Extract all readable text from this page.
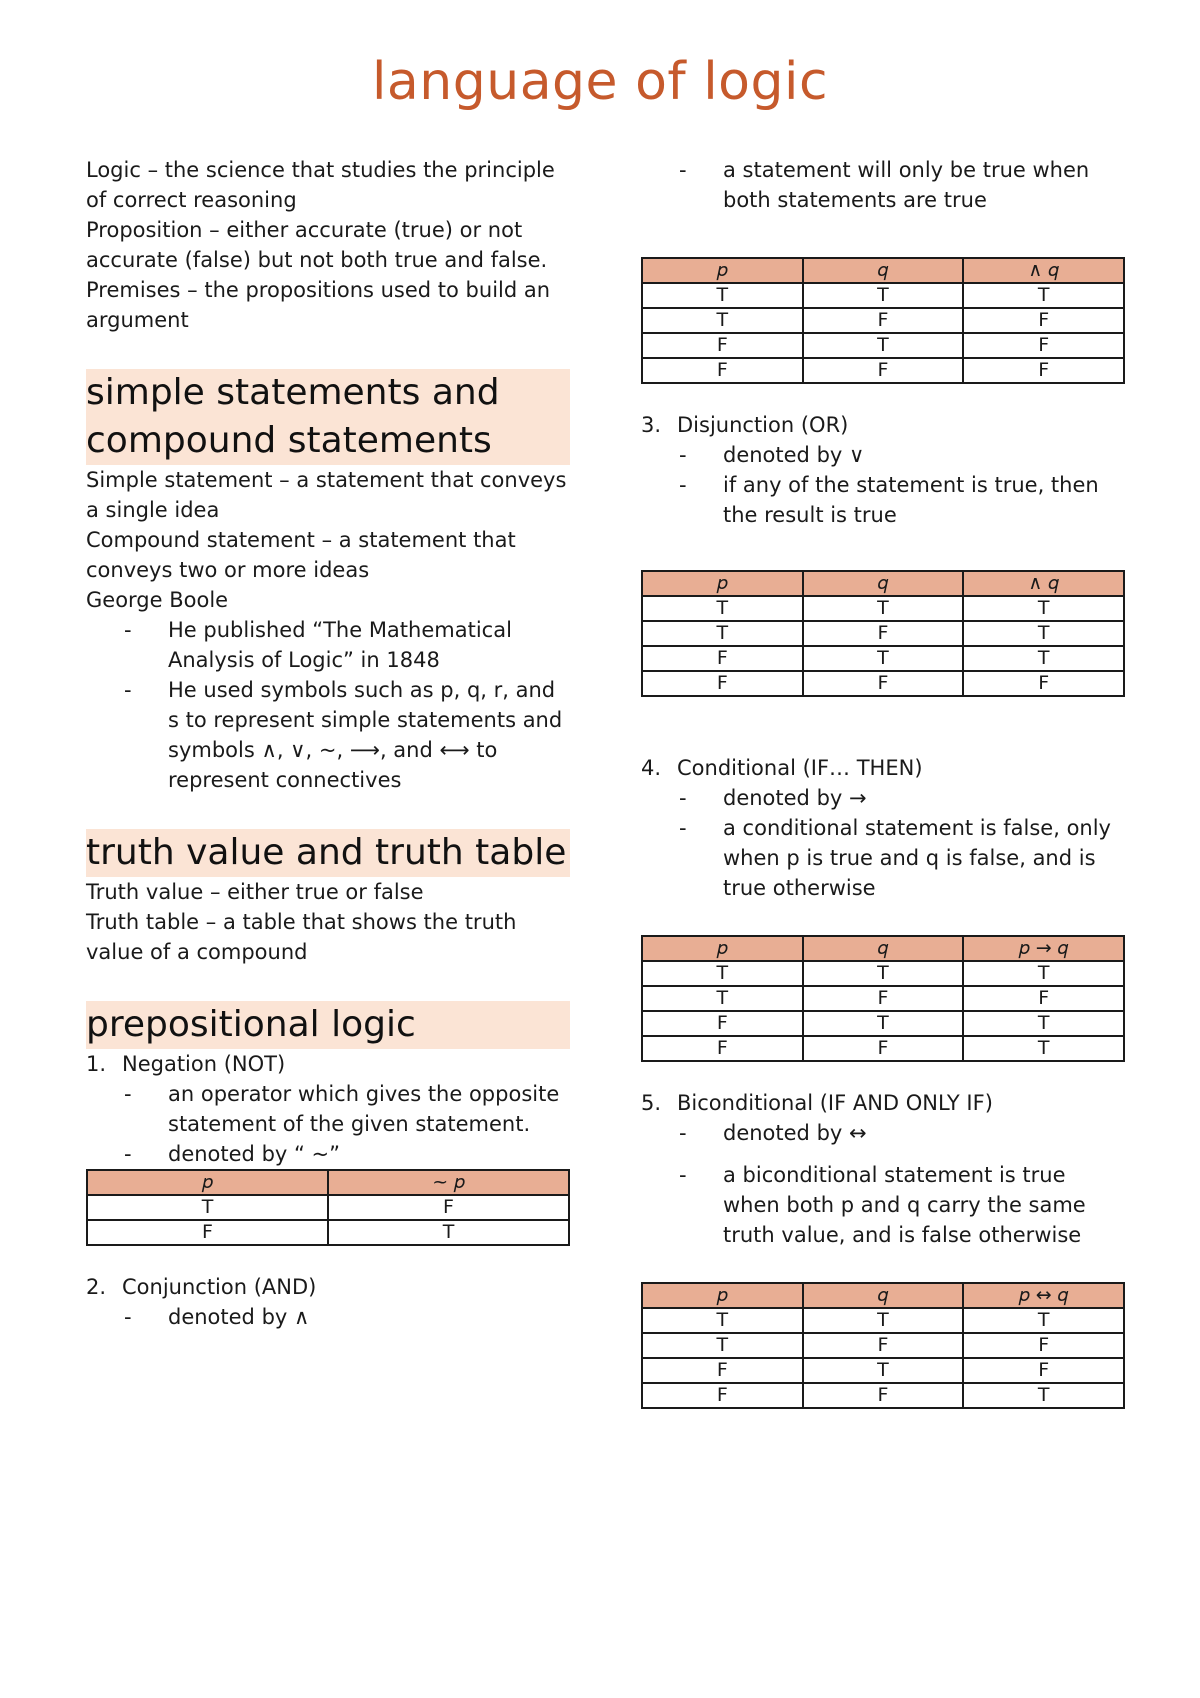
language of logic

Logic – the science that studies the principle of correct reasoning

Proposition – either accurate (true) or not accurate (false) but not both true and false.

Premises – the propositions used to build an argument

simple statements and compound statements

Simple statement – a statement that conveys a single idea

Compound statement – a statement that conveys two or more ideas

George Boole

-	He published “The Mathematical Analysis of Logic” in 1848
-	He used symbols such as p, q, r, and s to represent simple statements and symbols ∧, ∨, ~, ⟶, and ⟷ to represent connectives
truth value and truth table

Truth value – either true or false

Truth table – a table that shows the truth value of a compound

prepositional logic
1. Negation (NOT)
-	an operator which gives the opposite statement of the given statement.
-	denoted by “ ~”
𝑝	~ 𝑝
T	F
F	T
2. Conjunction (AND)
-	denoted by ∧
-	a statement will only be true when both statements are true
𝑝	𝑞	∧ 𝑞
T	T	T
T	F	F
F	T	F
F	F	F
3. Disjunction (OR)
-	denoted by ∨
-	if any of the statement is true, then the result is true
𝑝	𝑞	∧ 𝑞
T	T	T
T	F	T
F	T	T
F	F	F
4. Conditional (IF… THEN)
-	denoted by →
-	a conditional statement is false, only when p is true and q is false, and is true otherwise
𝑝	𝑞	𝑝 → 𝑞
T	T	T
T	F	F
F	T	T
F	F	T
5. Biconditional (IF AND ONLY IF)
-	denoted by ↔
-	a biconditional statement is true when both p and q carry the same truth value, and is false otherwise
𝑝	𝑞	𝑝 ↔ 𝑞
T	T	T
T	F	F
F	T	F
F	F	T
